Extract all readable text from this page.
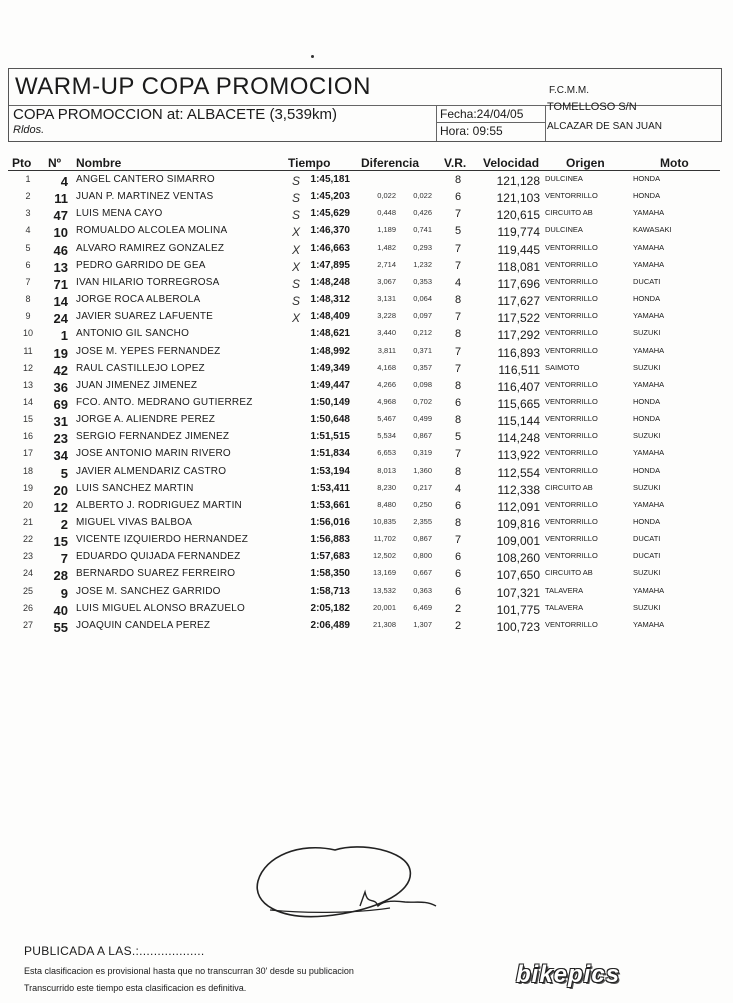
WARM-UP COPA PROMOCION	F.C.M.M.
COPA PROMOCCION at: ALBACETE (3,539km)
Rldos.
Fecha:24/04/05
Hora: 09:55
TOMELLOSO S/N
ALCAZAR DE SAN JUAN
Pto Nº Nombre	Tiempo	Diferencia V.R. Velocidad Origen	Moto
1	4 ANGEL CANTERO SIMARRO	S	1:45,181	8	121,128 DULCINEA	HONDA
2	11 JUAN P. MARTINEZ VENTAS	S	1:45,203	0,022	0,022	6	121,103 VENTORRILLO	HONDA
3	47 LUIS MENA CAYO	S	1:45,629	0,448	0,426	7	120,615 CIRCUITO AB	YAMAHA
4	10 ROMUALDO ALCOLEA MOLINA	X	1:46,370	1,189	0,741	5	119,774 DULCINEA	KAWASAKI
5	46 ALVARO RAMIREZ GONZALEZ	X	1:46,663	1,482	0,293	7	119,445 VENTORRILLO	YAMAHA
6	13 PEDRO GARRIDO DE GEA	X	1:47,895	2,714	1,232	7	118,081 VENTORRILLO	YAMAHA
7	71 IVAN HILARIO TORREGROSA	S	1:48,248	3,067	0,353	4	117,696 VENTORRILLO	DUCATI
8	14 JORGE ROCA ALBEROLA	S	1:48,312	3,131	0,064	8	117,627 VENTORRILLO	HONDA
9	24 JAVIER SUAREZ LAFUENTE	X	1:48,409	3,228	0,097	7	117,522 VENTORRILLO	YAMAHA
10	1 ANTONIO GIL SANCHO	1:48,621	3,440	0,212	8	117,292 VENTORRILLO	SUZUKI
11	19 JOSE M. YEPES FERNANDEZ	1:48,992	3,811	0,371	7	116,893 VENTORRILLO	YAMAHA
12	42 RAUL CASTILLEJO LOPEZ	1:49,349	4,168	0,357	7	116,511 SAIMOTO	SUZUKI
13	36 JUAN JIMENEZ JIMENEZ	1:49,447	4,266	0,098	8	116,407 VENTORRILLO	YAMAHA
14	69 FCO. ANTO. MEDRANO GUTIERREZ	1:50,149	4,968	0,702	6	115,665 VENTORRILLO	HONDA
15	31 JORGE A. ALIENDRE PEREZ	1:50,648	5,467	0,499	8	115,144 VENTORRILLO	HONDA
16	23 SERGIO FERNANDEZ JIMENEZ	1:51,515	5,534	0,867	5	114,248 VENTORRILLO	SUZUKI
17	34 JOSE ANTONIO MARIN RIVERO	1:51,834	6,653	0,319	7	113,922 VENTORRILLO	YAMAHA
18	5 JAVIER ALMENDARIZ CASTRO	1:53,194	8,013	1,360	8	112,554 VENTORRILLO	HONDA
19	20 LUIS SANCHEZ MARTIN	1:53,411	8,230	0,217	4	112,338 CIRCUITO AB	SUZUKI
20	12 ALBERTO J. RODRIGUEZ MARTIN	1:53,661	8,480	0,250	6	112,091 VENTORRILLO	YAMAHA
21	2 MIGUEL VIVAS BALBOA	1:56,016	10,835	2,355	8	109,816 VENTORRILLO	HONDA
22	15 VICENTE IZQUIERDO HERNANDEZ	1:56,883	11,702	0,867	7	109,001 VENTORRILLO	DUCATI
23	7 EDUARDO QUIJADA FERNANDEZ	1:57,683	12,502	0,800	6	108,260 VENTORRILLO	DUCATI
24	28 BERNARDO SUAREZ FERREIRO	1:58,350	13,169	0,667	6	107,650 CIRCUITO AB	SUZUKI
25	9 JOSE M. SANCHEZ GARRIDO	1:58,713	13,532	0,363	6	107,321 TALAVERA	YAMAHA
26	40 LUIS MIGUEL ALONSO BRAZUELO	2:05,182	20,001	6,469	2	101,775 TALAVERA	SUZUKI
27	55 JOAQUIN CANDELA PEREZ	2:06,489	21,308	1,307	2	100,723 VENTORRILLO	YAMAHA
PUBLICADA A LAS.:..................
Esta clasificacion es provisional hasta que no transcurran 30' desde su publicacion
Transcurrido este tiempo esta clasificacion es definitiva.	bikepics
